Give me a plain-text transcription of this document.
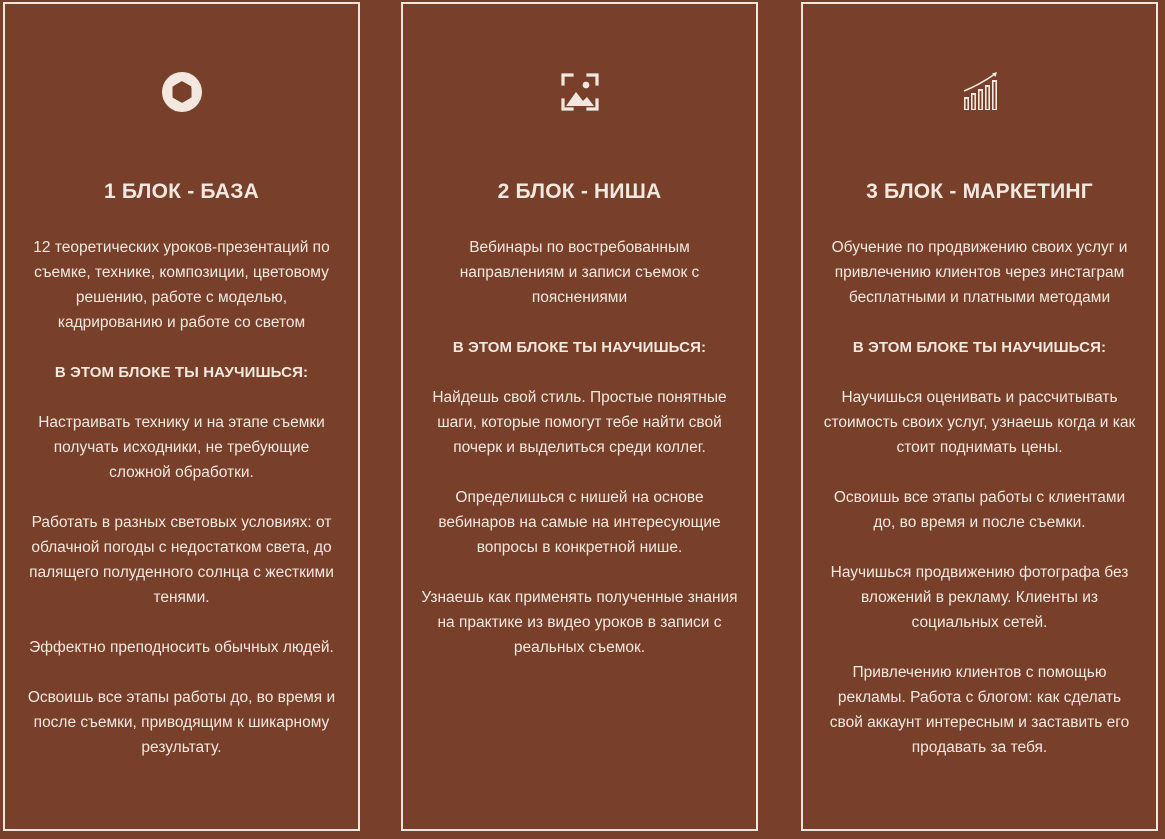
1 БЛОК - БАЗА

12 теоретических уроков-презентаций по съемке, технике, композиции, цветовому решению, работе с моделью, кадрированию и работе со светом

В ЭТОМ БЛОКЕ ТЫ НАУЧИШЬСЯ:

Настраивать технику и на этапе съемки получать исходники, не требующие сложной обработки.

Работать в разных световых условиях: от облачной погоды с недостатком света, до палящего полуденного солнца с жесткими тенями.

Эффектно преподносить обычных людей.

Освоишь все этапы работы до, во время и после съемки, приводящим к шикарному результату.

2 БЛОК - НИША

Вебинары по востребованным направлениям и записи съемок с пояснениями

В ЭТОМ БЛОКЕ ТЫ НАУЧИШЬСЯ:

Найдешь свой стиль. Простые понятные шаги, которые помогут тебе найти свой почерк и выделиться среди коллег.

Определишься с нишей на основе вебинаров на самые на интересующие вопросы в конкретной нише.

Узнаешь как применять полученные знания на практике из видео уроков в записи с реальных съемок.

3 БЛОК - МАРКЕТИНГ

Обучение по продвижению своих услуг и привлечению клиентов через инстаграм бесплатными и платными методами

В ЭТОМ БЛОКЕ ТЫ НАУЧИШЬСЯ:

Научишься оценивать и рассчитывать стоимость своих услуг, узнаешь когда и как стоит поднимать цены.

Освоишь все этапы работы с клиентами до, во время и после съемки.

Научишься продвижению фотографа без вложений в рекламу. Клиенты из социальных сетей.

Привлечению клиентов с помощью рекламы. Работа с блогом: как сделать свой аккаунт интересным и заставить его продавать за тебя.
